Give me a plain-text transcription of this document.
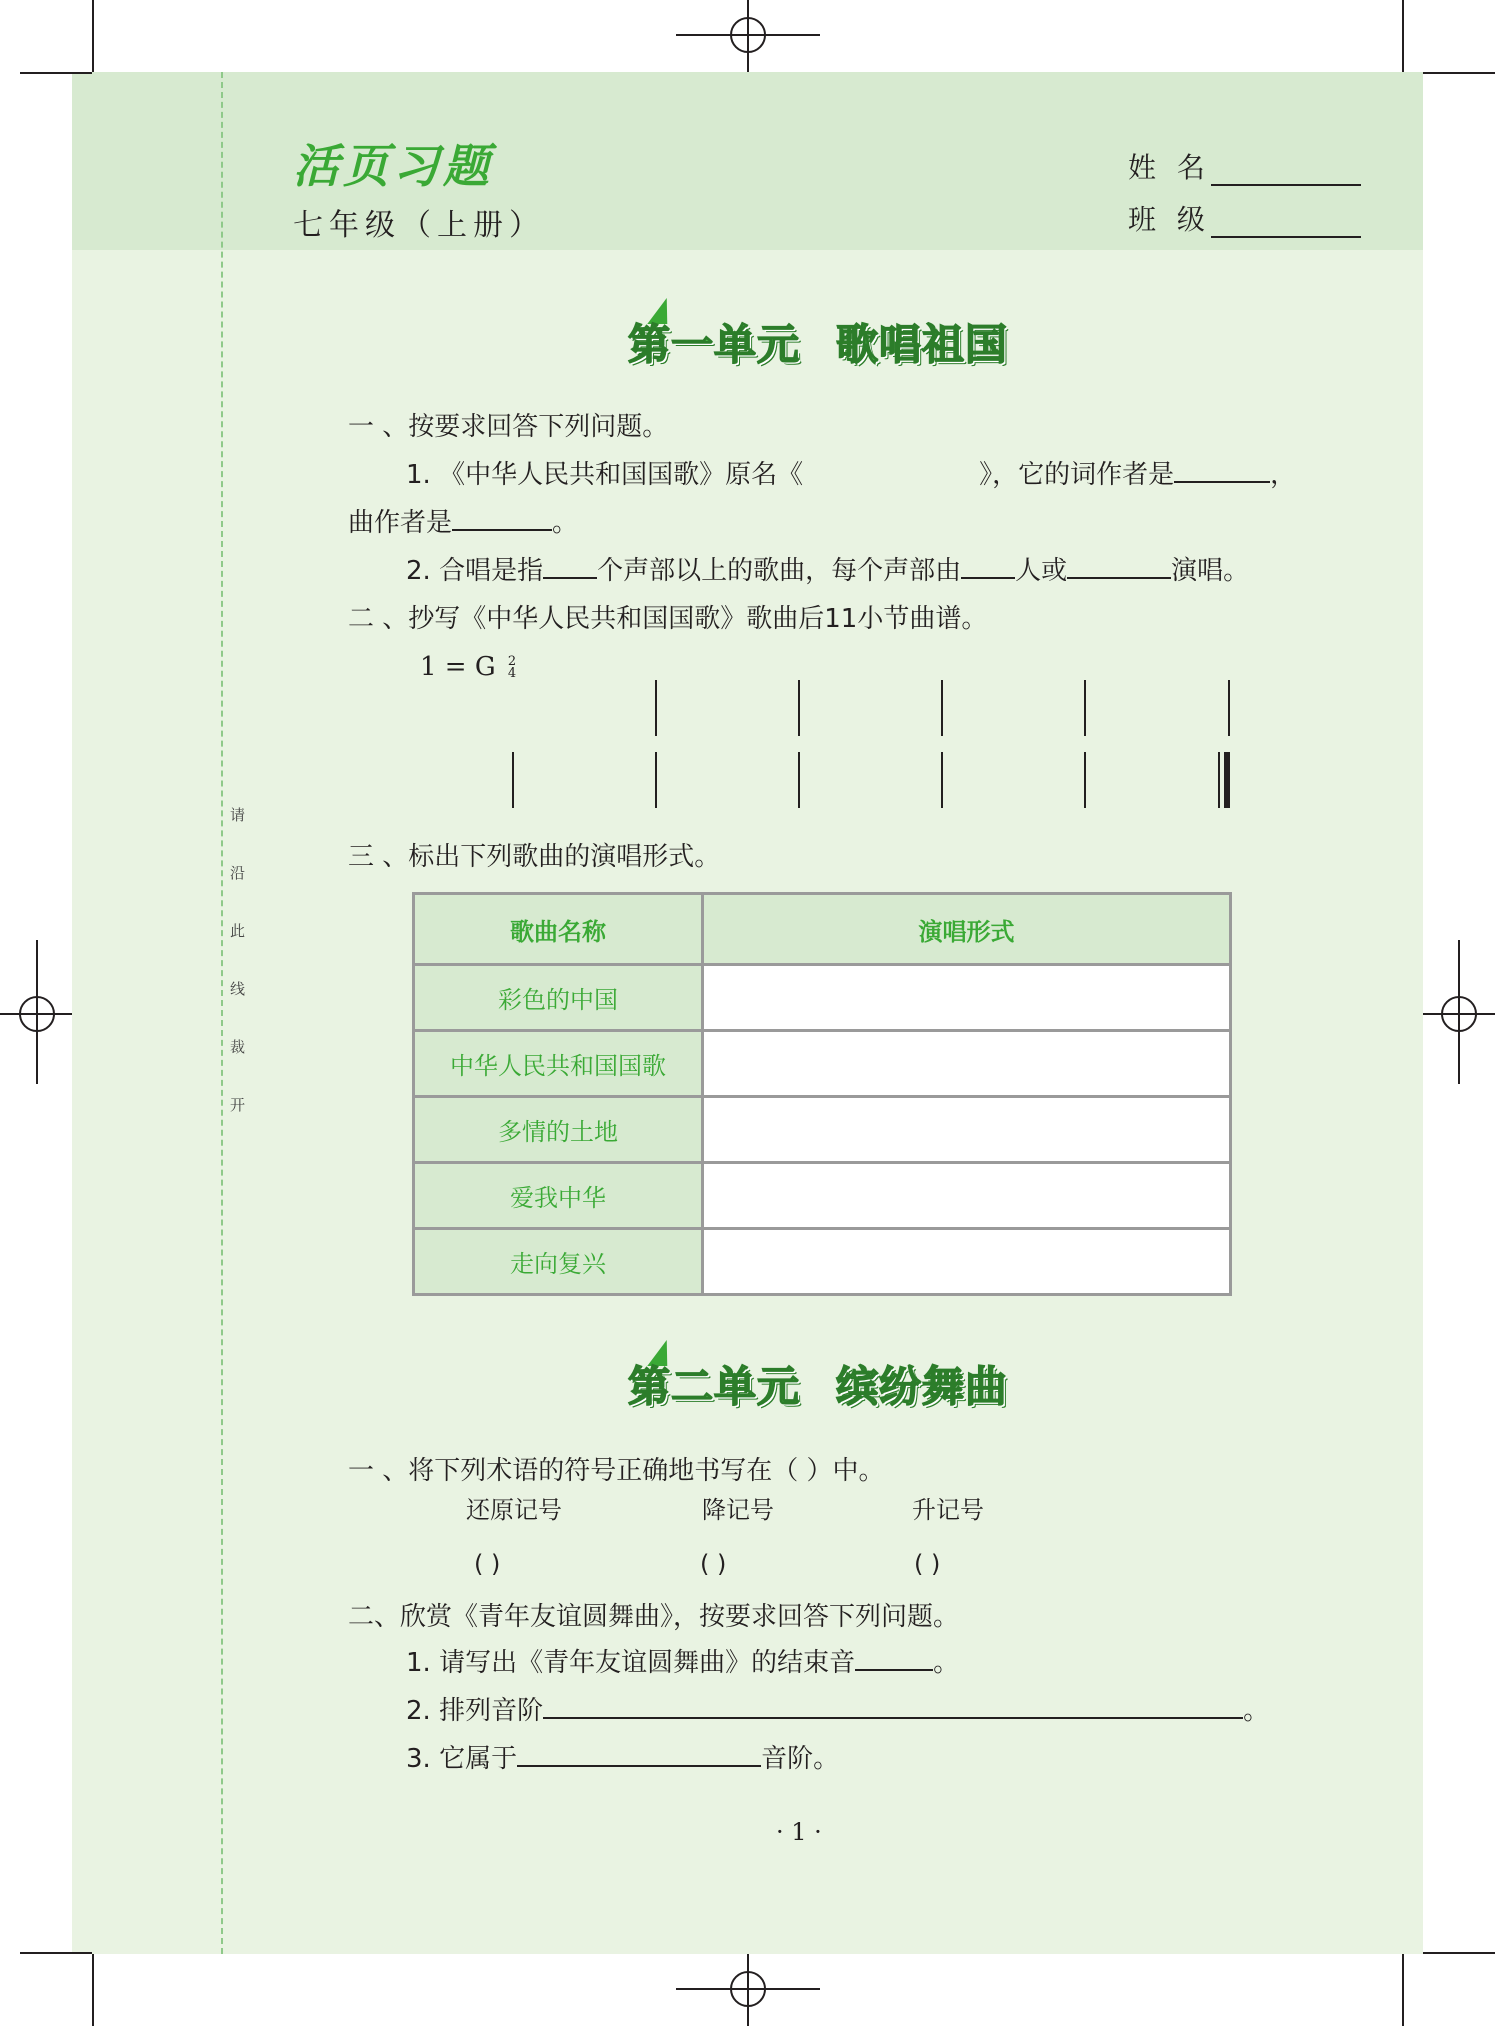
请
沿
此
线
裁
开
活页习题
七年级（上册）
姓 名
班 级
第一单元 歌唱祖国
一 、按要求回答下列问题。
1. 《中华人民共和国国歌》原名《	》，它的词作者是	，
曲作者是	。
2. 合唱是指 个声部以上的歌曲，每个声部由 人或	演唱。
二 、抄写《中华人民共和国国歌》歌曲后11小节曲谱。
1 = G 2
4
三 、标出下列歌曲的演唱形式。
歌曲名称	演唱形式
彩色的中国	
中华人民共和国国歌	
多情的土地	
爱我中华	
走向复兴	
第二单元 缤纷舞曲
一 、将下列术语的符号正确地书写在（ ）中。
还原记号	降记号	升记号
( )	( )	( )
二、欣赏《青年友谊圆舞曲》，按要求回答下列问题。
1. 请写出《青年友谊圆舞曲》的结束音	。
2. 排列音阶	。
3. 它属于	音阶。
· 1 ·
